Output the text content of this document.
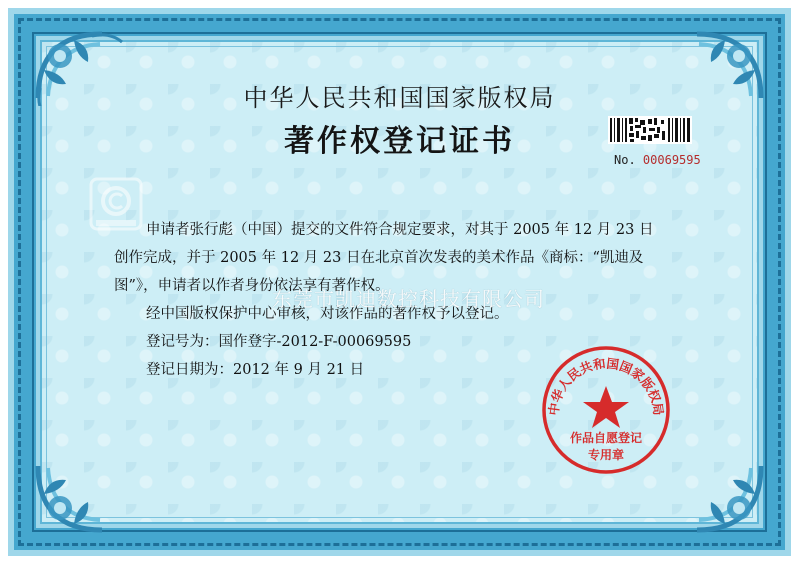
中华人民共和国国家版权局
著作权登记证书
No. 00069595

申请者张行彪（中国）提交的文件符合规定要求，对其于 2005 年 12 月 23 日

创作完成，并于 2005 年 12 月 23 日在北京首次发表的美术作品《商标：“凯迪及

图”》，申请者以作者身份依法享有著作权。

经中国版权保护中心审核，对该作品的著作权予以登记。

登记号为：国作登字-2012-F-00069595

登记日期为：2012 年 9 月 21 日

东莞市凯迪数控科技有限公司
中华人民共和国国家版权局
作品自愿登记
专用章
